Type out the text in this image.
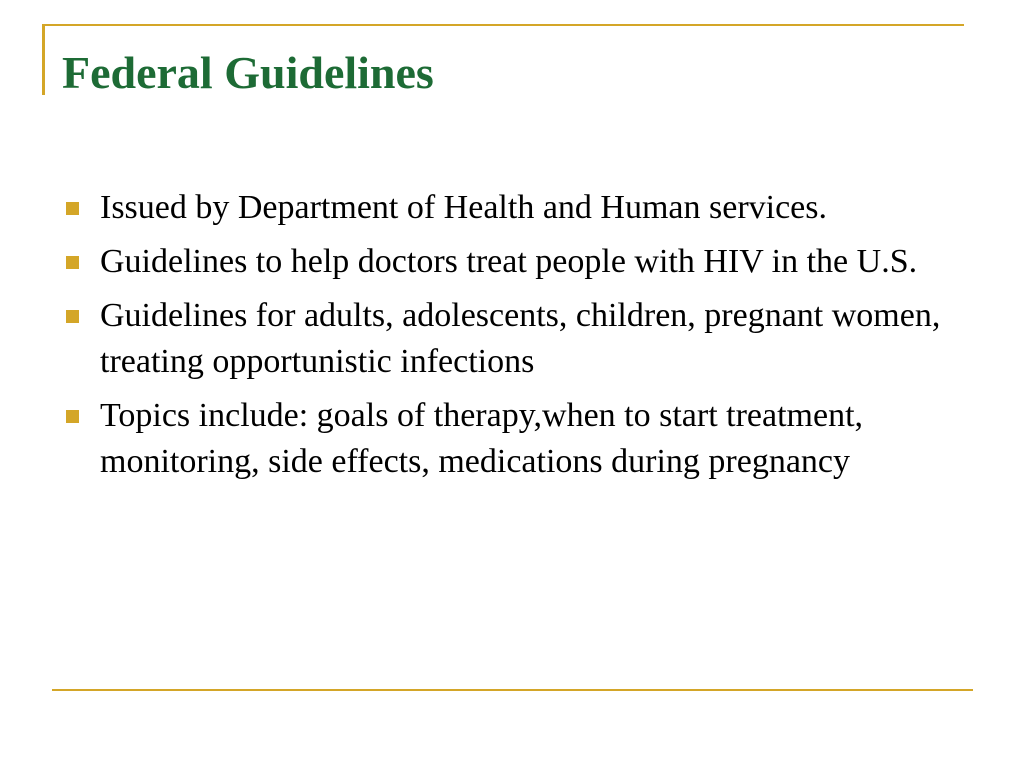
Federal Guidelines
Issued by Department of Health and Human services.
Guidelines to help doctors treat people with HIV in the U.S.
Guidelines for adults, adolescents, children, pregnant women, treating opportunistic infections
Topics include: goals of therapy,when to start treatment, monitoring, side effects, medications during pregnancy
